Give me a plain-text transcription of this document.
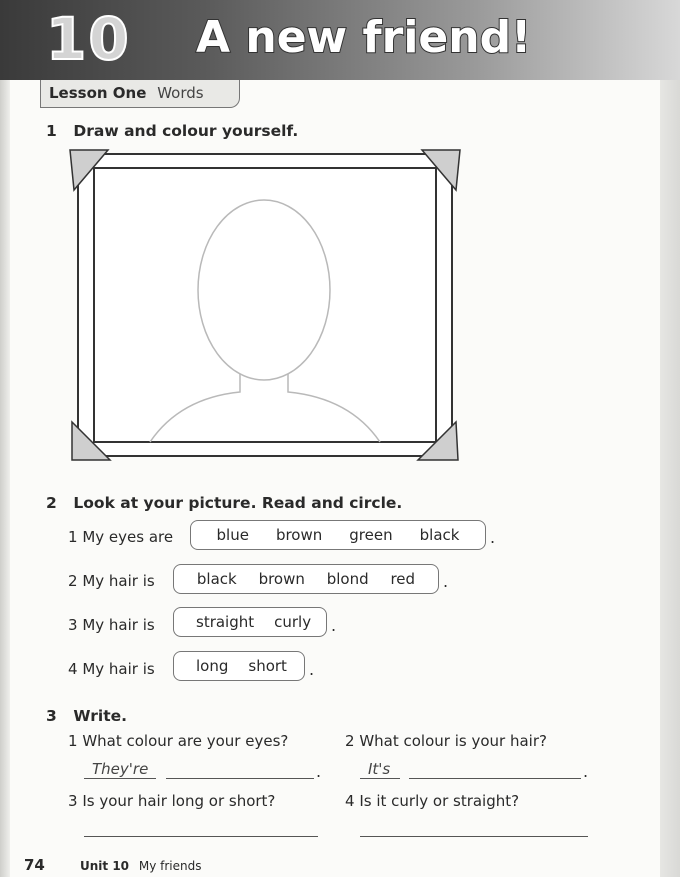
10 A new friend!
Lesson One Words
1 Draw and colour yourself.
2 Look at your picture. Read and circle.
1 My eyes are	blue	brown	green	black	.
2 My hair is	black	brown	blond	red	.
3 My hair is	straight	curly	.
4 My hair is	long	short	.
3 Write.
1 What colour are your eyes?	2 What colour is your hair?
They're	.	It's	.
3 Is your hair long or short?	4 Is it curly or straight?
74	Unit 10 My friends
